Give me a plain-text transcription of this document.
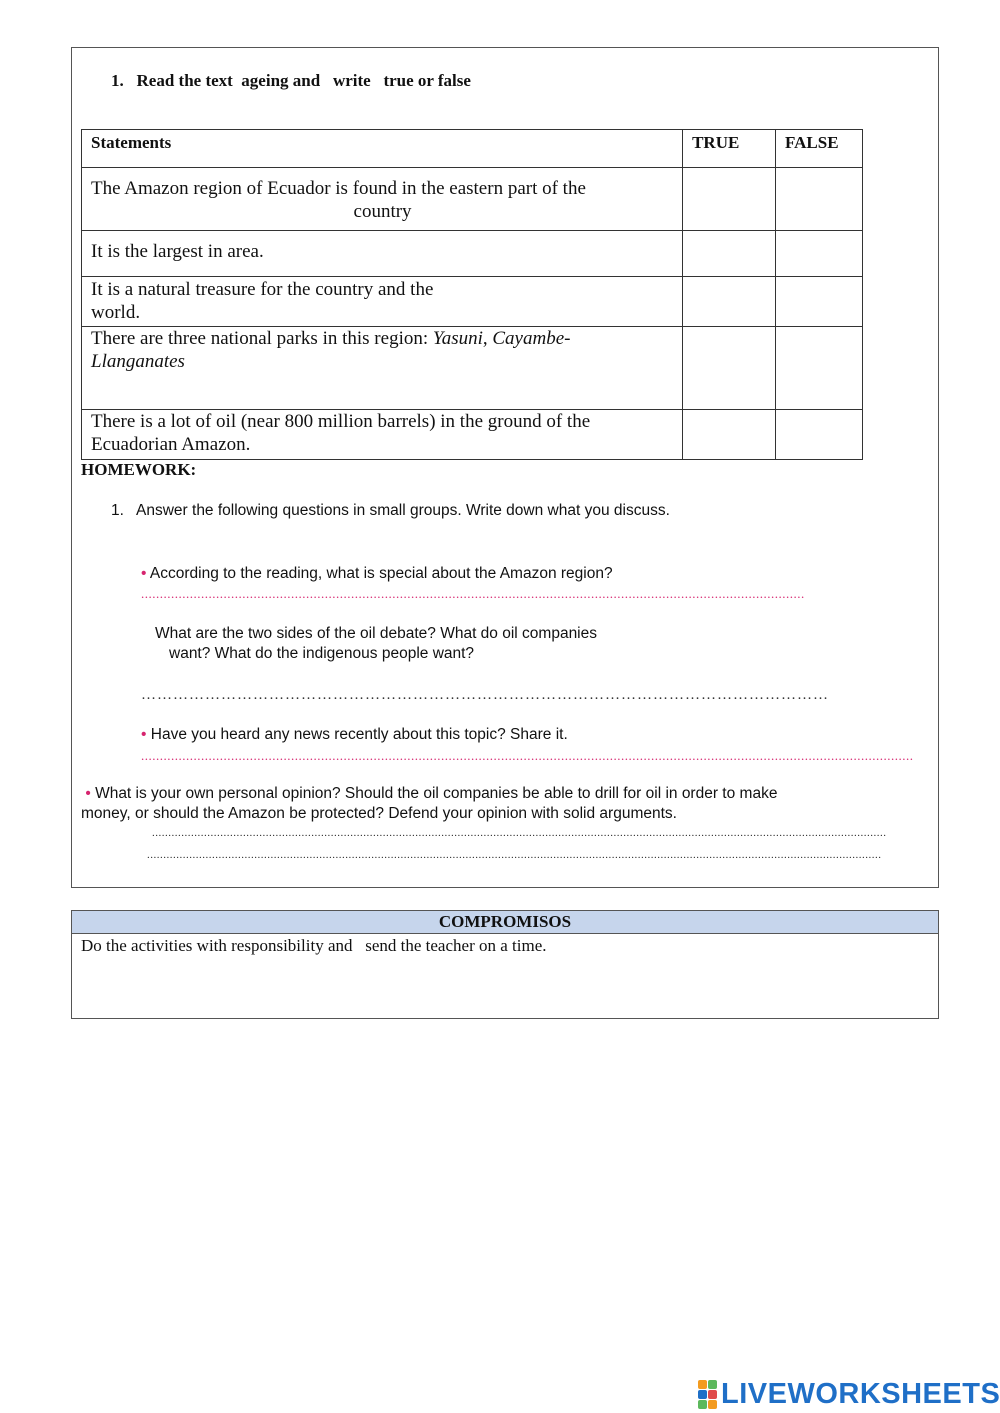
1. Read the text  ageing and   write   true or false
Statements	TRUE	FALSE

The Amazon region of Ecuador is found in the eastern part of the
country		

It is the largest in area.		

It is a natural treasure for the country and the
world.		

There are three national parks in this region: Yasuni, Cayambe-
Llanganates		

There is a lot of oil (near 800 million barrels) in the ground of the
Ecuadorian Amazon.		

HOMEWORK:
1. Answer the following questions in small groups. Write down what you discuss.
• According to the reading, what is special about the Amazon region?
.................................................................................................................................................................................
What are the two sides of the oil debate? What do oil companies
want? What do the indigenous people want?
…………………………………………………………………………………………………………………
• Have you heard any news recently about this topic? Share it.
..............................................................................................................................................................................................................
• What is your own personal opinion? Should the oil companies be able to drill for oil in order to make
money, or should the Amazon be protected? Defend your opinion with solid arguments.
..................................................................................................................................................................................................................................
..................................................................................................................................................................................................................................
COMPROMISOS
Do the activities with responsibility and   send the teacher on a time.
LIVEWORKSHEETS
